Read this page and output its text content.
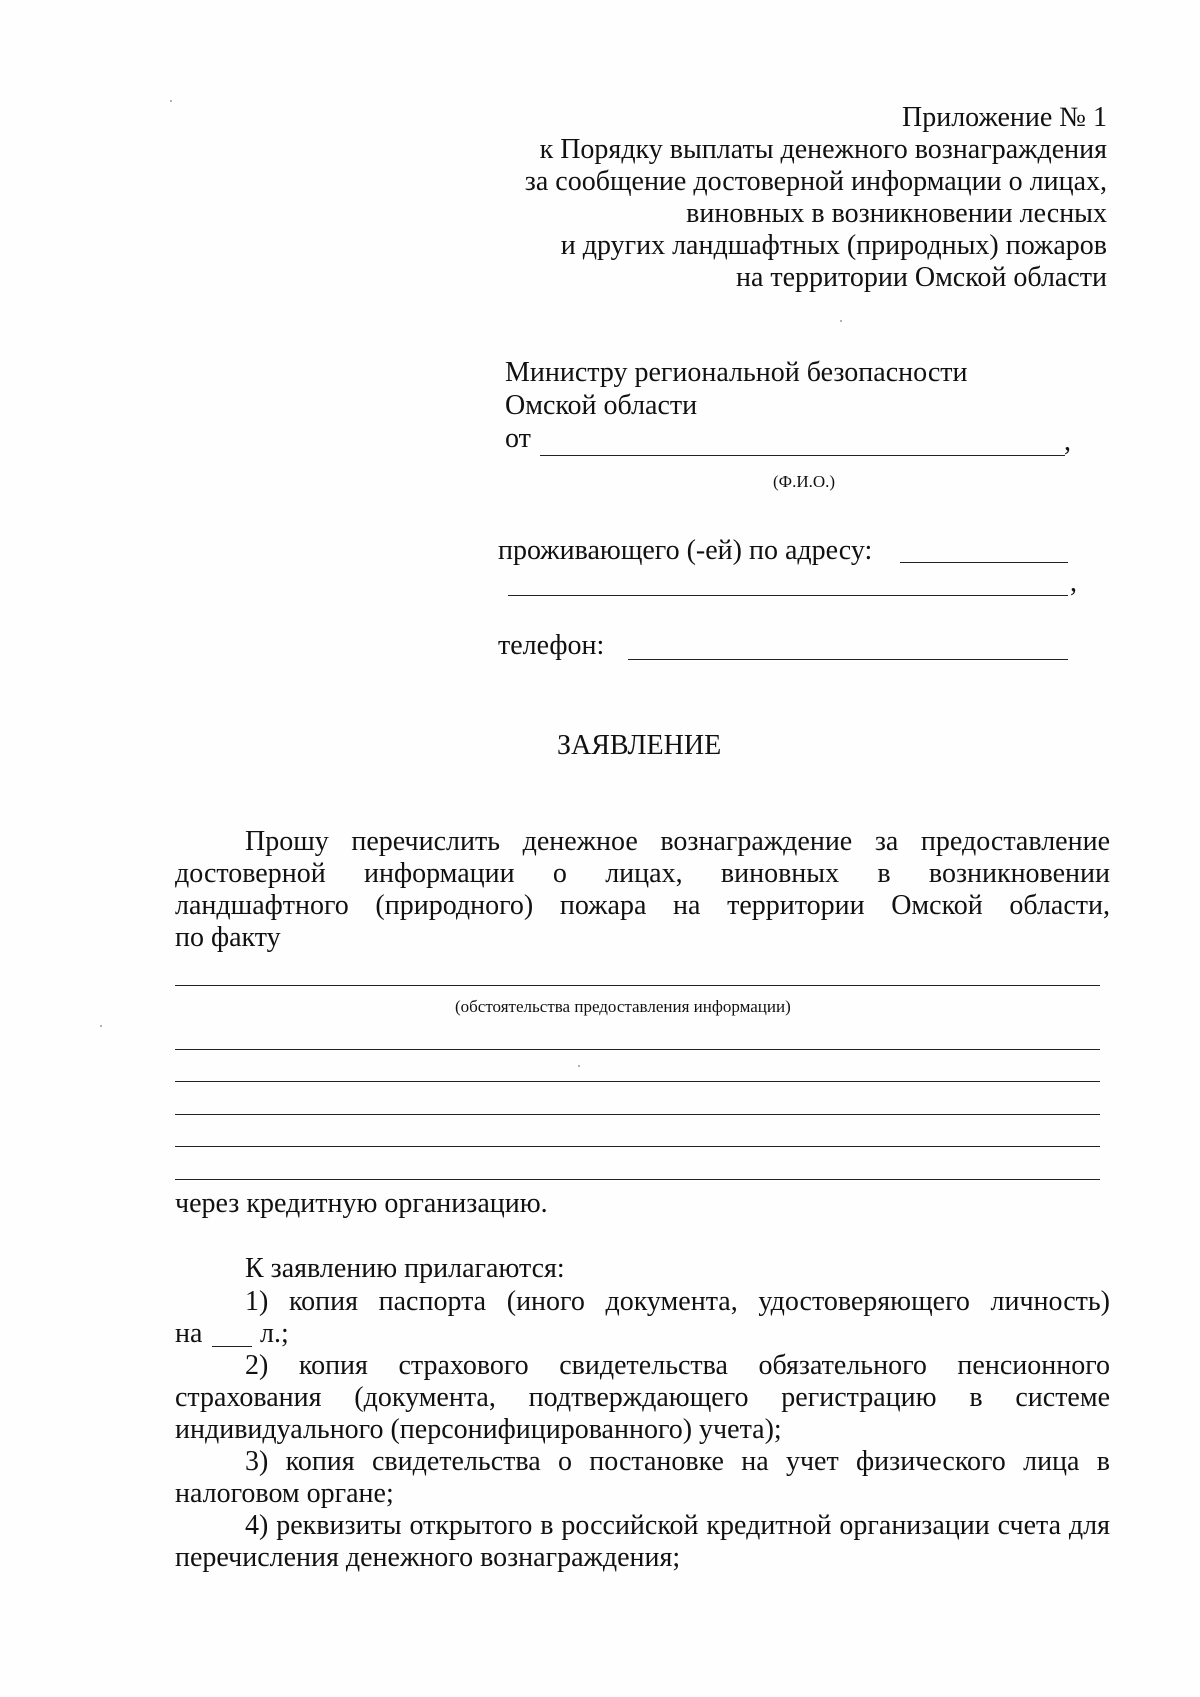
Приложение № 1
к Порядку выплаты денежного вознаграждения
за сообщение достоверной информации о лицах,
виновных в возникновении лесных
и других ландшафтных (природных) пожаров
на территории Омской области
Министру региональной безопасности
Омской области
от	,
(Ф.И.О.)
проживающего (-ей) по адресу:
,
телефон:
ЗАЯВЛЕНИЕ
Прошу перечислить денежное вознаграждение за предоставление
достоверной информации о лицах, виновных в возникновении
ландшафтного (природного) пожара на территории Омской области,
по факту
(обстоятельства предоставления информации)
через кредитную организацию.
К заявлению прилагаются:
1) копия паспорта (иного документа, удостоверяющего личность)
на л.;
2) копия страхового свидетельства обязательного пенсионного
страхования (документа, подтверждающего регистрацию в системе
индивидуального (персонифицированного) учета);
3) копия свидетельства о постановке на учет физического лица в
налоговом органе;
4) реквизиты открытого в российской кредитной организации счета для
перечисления денежного вознаграждения;
